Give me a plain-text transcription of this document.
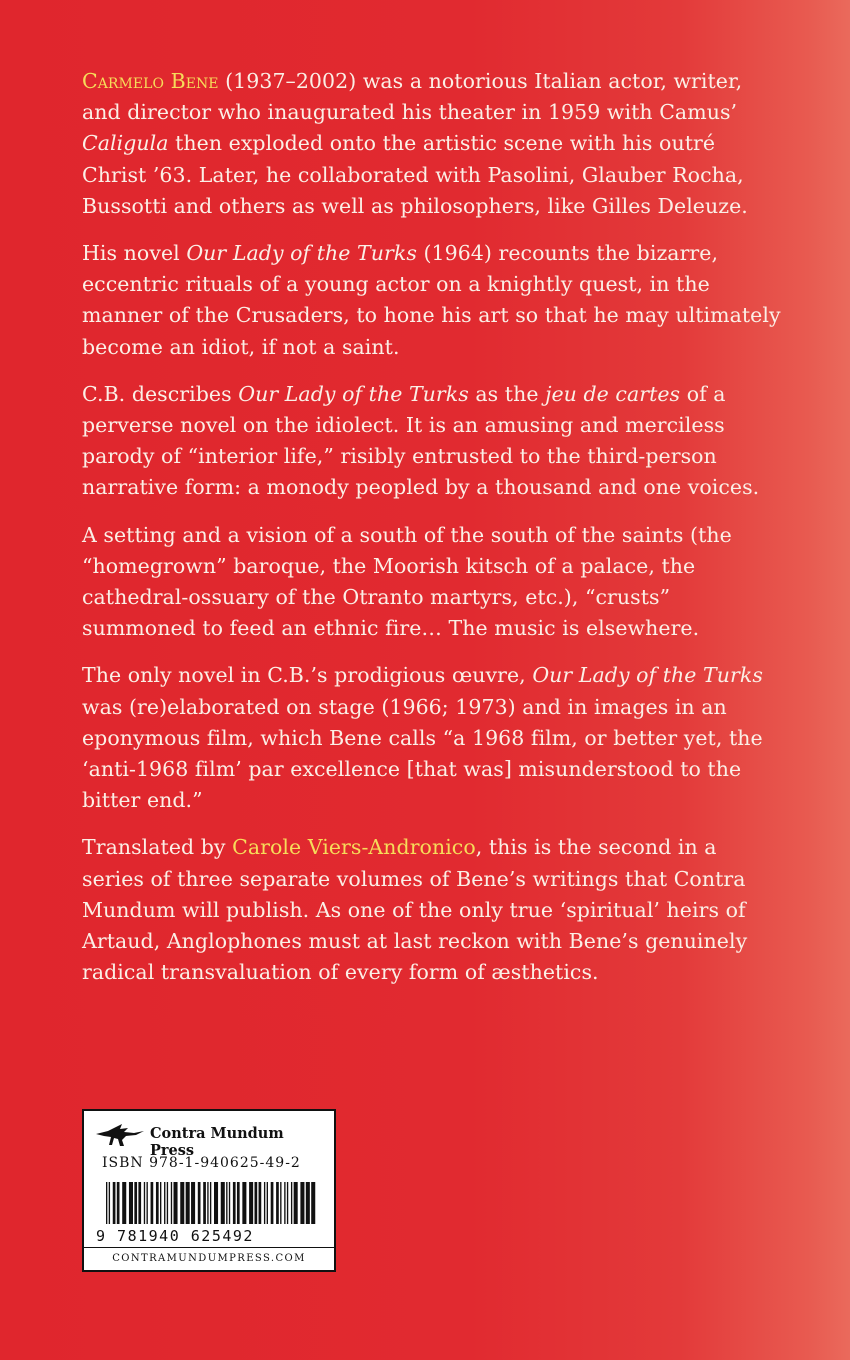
Carmelo Bene (1937–2002) was a notorious Italian actor, writer, and director who inaugurated his theater in 1959 with Camus’ Caligula then exploded onto the artistic scene with his outré Christ ’63. Later, he collaborated with Pasolini, Glauber Rocha, Bussotti and others as well as philosophers, like Gilles Deleuze.

His novel Our Lady of the Turks (1964) recounts the bizarre, eccentric rituals of a young actor on a knightly quest, in the manner of the Crusaders, to hone his art so that he may ultimately become an idiot, if not a saint.

C.B. describes Our Lady of the Turks as the jeu de cartes of a perverse novel on the idiolect. It is an amusing and merciless parody of “interior life,” risibly entrusted to the third-person narrative form: a monody peopled by a thousand and one voices.

A setting and a vision of a south of the south of the saints (the “homegrown” baroque, the Moorish kitsch of a palace, the cathedral-ossuary of the Otranto martyrs, etc.), “crusts” summoned to feed an ethnic fire… The music is elsewhere.

The only novel in C.B.’s prodigious œuvre, Our Lady of the Turks was (re)elaborated on stage (1966; 1973) and in images in an eponymous film, which Bene calls “a 1968 film, or better yet, the ‘anti-1968 film’ par excellence [that was] misunderstood to the bitter end.”

Translated by Carole Viers-Andronico, this is the second in a series of three separate volumes of Bene’s writings that Contra Mundum will publish. As one of the only true ‘spiritual’ heirs of Artaud, Anglophones must at last reckon with Bene’s genuinely radical transvaluation of every form of æsthetics.

Contra Mundum Press
ISBN 978-1-940625-49-2
9 781940 625492
CONTRAMUNDUMPRESS.COM
